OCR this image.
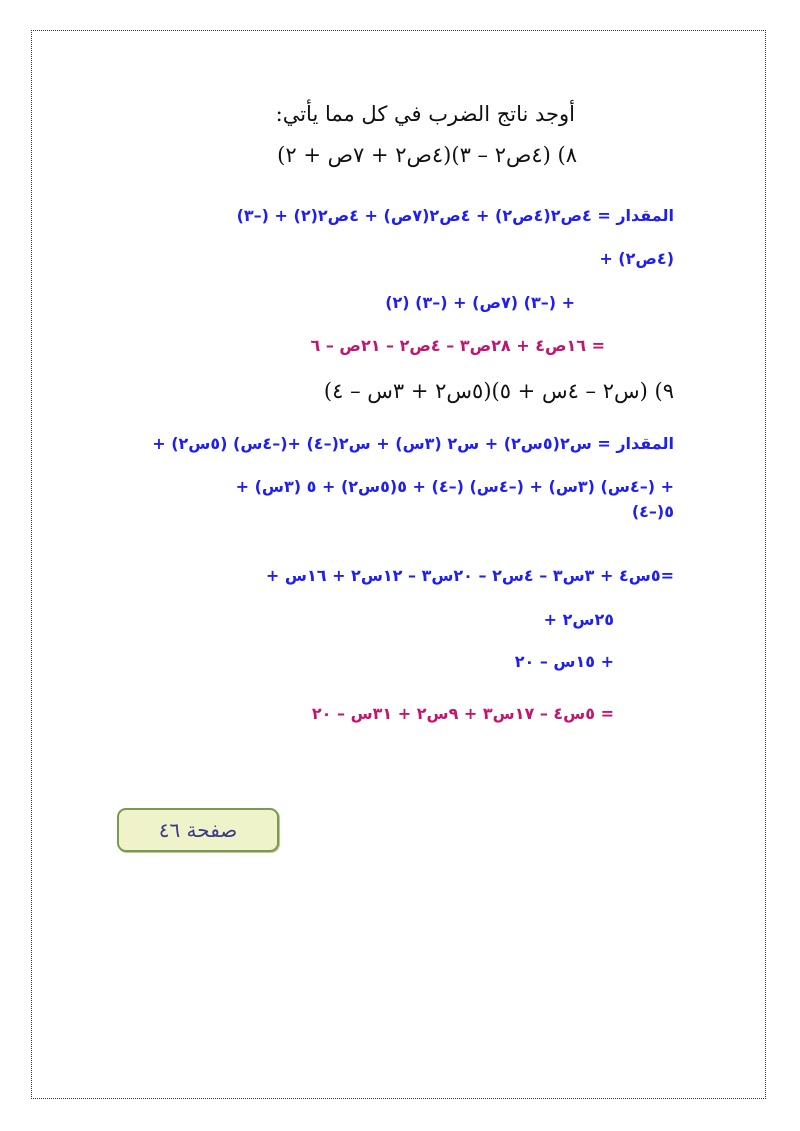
أوجد ناتج الضرب في كل مما يأتي:
٨) (٤ص٢ – ٣)(٤ص٢ + ٧ص + ٢)
المقدار = ٤ص٢(٤ص٢) + ٤ص٢(٧ص) + ٤ص٢(٢) + (–٣)
(٤ص٢) +
+ (–٣) (٧ص) + (–٣) (٢)
= ١٦ص٤ + ٢٨ص٣ – ٤ص٢ – ٢١ص – ٦
٩) (س٢ – ٤س + ٥)(٥س٢ + ٣س – ٤)
المقدار = س٢(٥س٢) + س٢ (٣س) + س٢(–٤) +(–٤س) (٥س٢) +
+ (–٤س) (٣س) + (–٤س) (–٤) + ٥(٥س٢) + ٥ (٣س) +
٥(–٤)
=٥س٤ + ٣س٣ – ٤س٢ – ٢٠س٣ – ١٢س٢ + ١٦س +
٢٥س٢ +
+ ١٥س – ٢٠
= ٥س٤ – ١٧س٣ + ٩س٢ + ٣١س – ٢٠
صفحة ٤٦
